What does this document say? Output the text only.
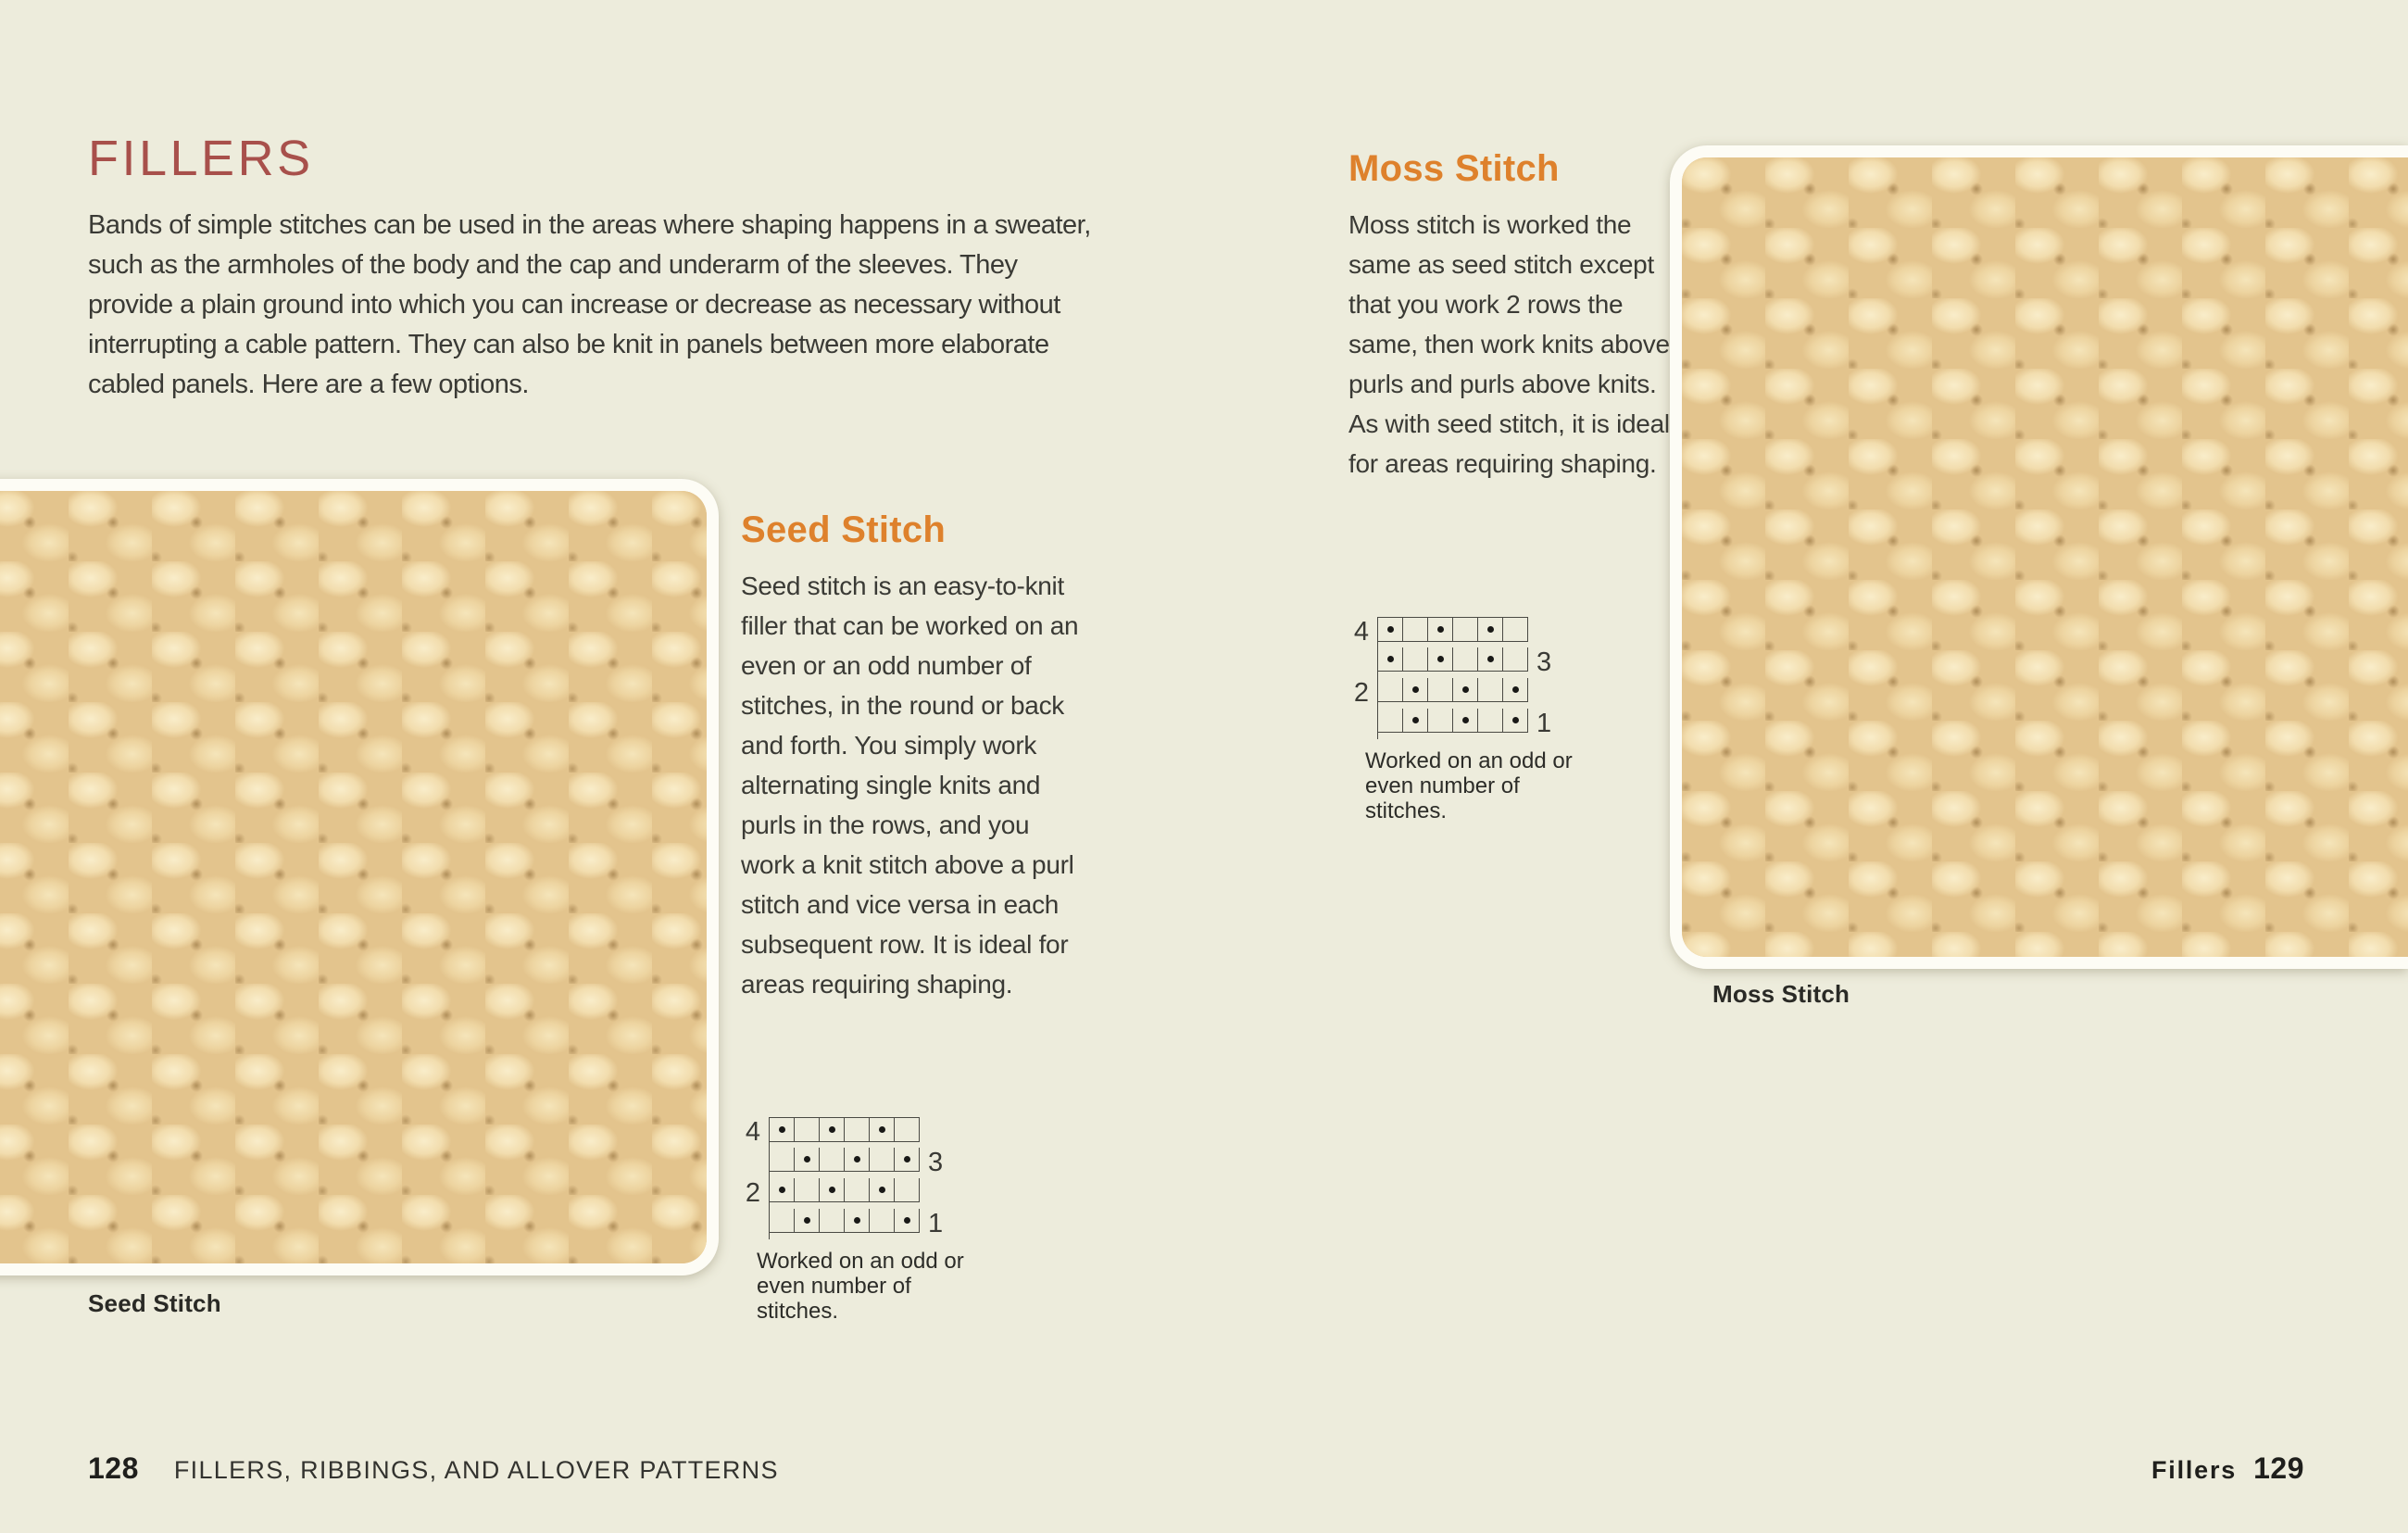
FILLERS

Bands of simple stitches can be used in the areas where shaping happens in a sweater, such as the armholes of the body and the cap and underarm of the sleeves. They provide a plain ground into which you can increase or decrease as necessary without interrupting a cable pattern. They can also be knit in panels between more elaborate cabled panels. Here are a few options.

Seed Stitch
Seed Stitch

Seed stitch is an easy-to-knit filler that can be worked on an even or an odd number of stitches, in the round or back and forth. You simply work alternating single knits and purls in the rows, and you work a knit stitch above a purl stitch and vice versa in each subsequent row. It is ideal for areas requiring shaping.

4
3
2
1
Worked on an odd or even number of stitches.
128 FILLERS, RIBBINGS, AND ALLOVER PATTERNS
Moss Stitch

Moss stitch is worked the same as seed stitch except that you work 2 rows the same, then work knits above purls and purls above knits. As with seed stitch, it is ideal for areas requiring shaping.

4
3
2
1
Worked on an odd or even number of stitches.
Moss Stitch
Fillers 129
